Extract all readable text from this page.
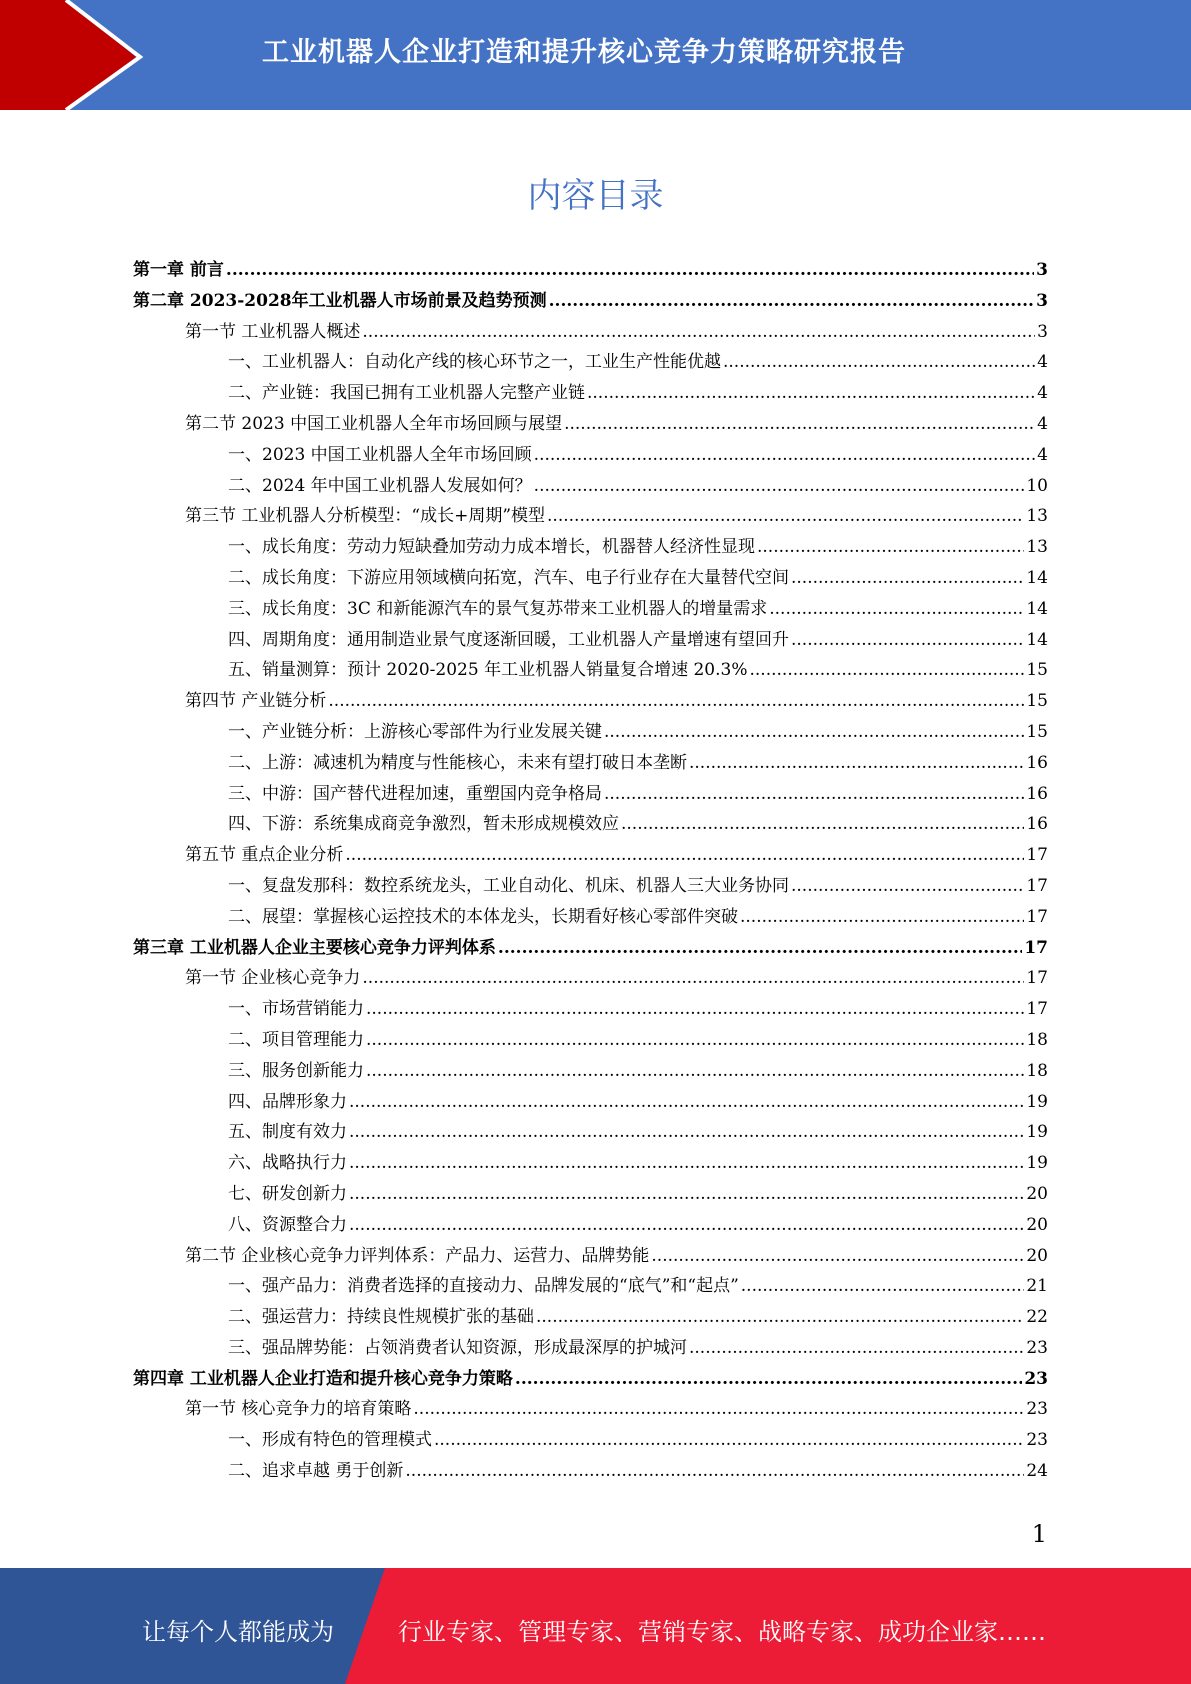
工业机器人企业打造和提升核心竞争力策略研究报告
内容目录
第一章 前言 .....	3
第二章 2023-2028年工业机器人市场前景及趋势预测 .....	3
第一节 工业机器人概述 .....	3
一、工业机器人：自动化产线的核心环节之一，工业生产性能优越 .....	4
二、产业链：我国已拥有工业机器人完整产业链 .....	4
第二节 2023 中国工业机器人全年市场回顾与展望 .....	4
一、2023 中国工业机器人全年市场回顾 .....	4
二、2024 年中国工业机器人发展如何？ .....	10
第三节 工业机器人分析模型：“成长+周期”模型 .....	13
一、成长角度：劳动力短缺叠加劳动力成本增长，机器替人经济性显现 .....	13
二、成长角度：下游应用领域横向拓宽，汽车、电子行业存在大量替代空间 .....	14
三、成长角度：3C 和新能源汽车的景气复苏带来工业机器人的增量需求 .....	14
四、周期角度：通用制造业景气度逐渐回暖，工业机器人产量增速有望回升 .....	14
五、销量测算：预计 2020-2025 年工业机器人销量复合增速 20.3% .....	15
第四节 产业链分析 .....	15
一、产业链分析：上游核心零部件为行业发展关键 .....	15
二、上游：减速机为精度与性能核心，未来有望打破日本垄断 .....	16
三、中游：国产替代进程加速，重塑国内竞争格局 .....	16
四、下游：系统集成商竞争激烈，暂未形成规模效应 .....	16
第五节 重点企业分析 .....	17
一、复盘发那科：数控系统龙头，工业自动化、机床、机器人三大业务协同 .....	17
二、展望：掌握核心运控技术的本体龙头，长期看好核心零部件突破 .....	17
第三章 工业机器人企业主要核心竞争力评判体系 .....	17
第一节 企业核心竞争力 .....	17
一、市场营销能力 .....	17
二、项目管理能力 .....	18
三、服务创新能力 .....	18
四、品牌形象力 .....	19
五、制度有效力 .....	19
六、战略执行力 .....	19
七、研发创新力 .....	20
八、资源整合力 .....	20
第二节 企业核心竞争力评判体系：产品力、运营力、品牌势能 .....	20
一、强产品力：消费者选择的直接动力、品牌发展的“底气”和“起点” .....	21
二、强运营力：持续良性规模扩张的基础 .....	22
三、强品牌势能：占领消费者认知资源，形成最深厚的护城河 .....	23
第四章 工业机器人企业打造和提升核心竞争力策略 .....	23
第一节 核心竞争力的培育策略 .....	23
一、形成有特色的管理模式 .....	23
二、追求卓越 勇于创新 .....	24
1
让每个人都能成为	行业专家、管理专家、营销专家、战略专家、成功企业家……
